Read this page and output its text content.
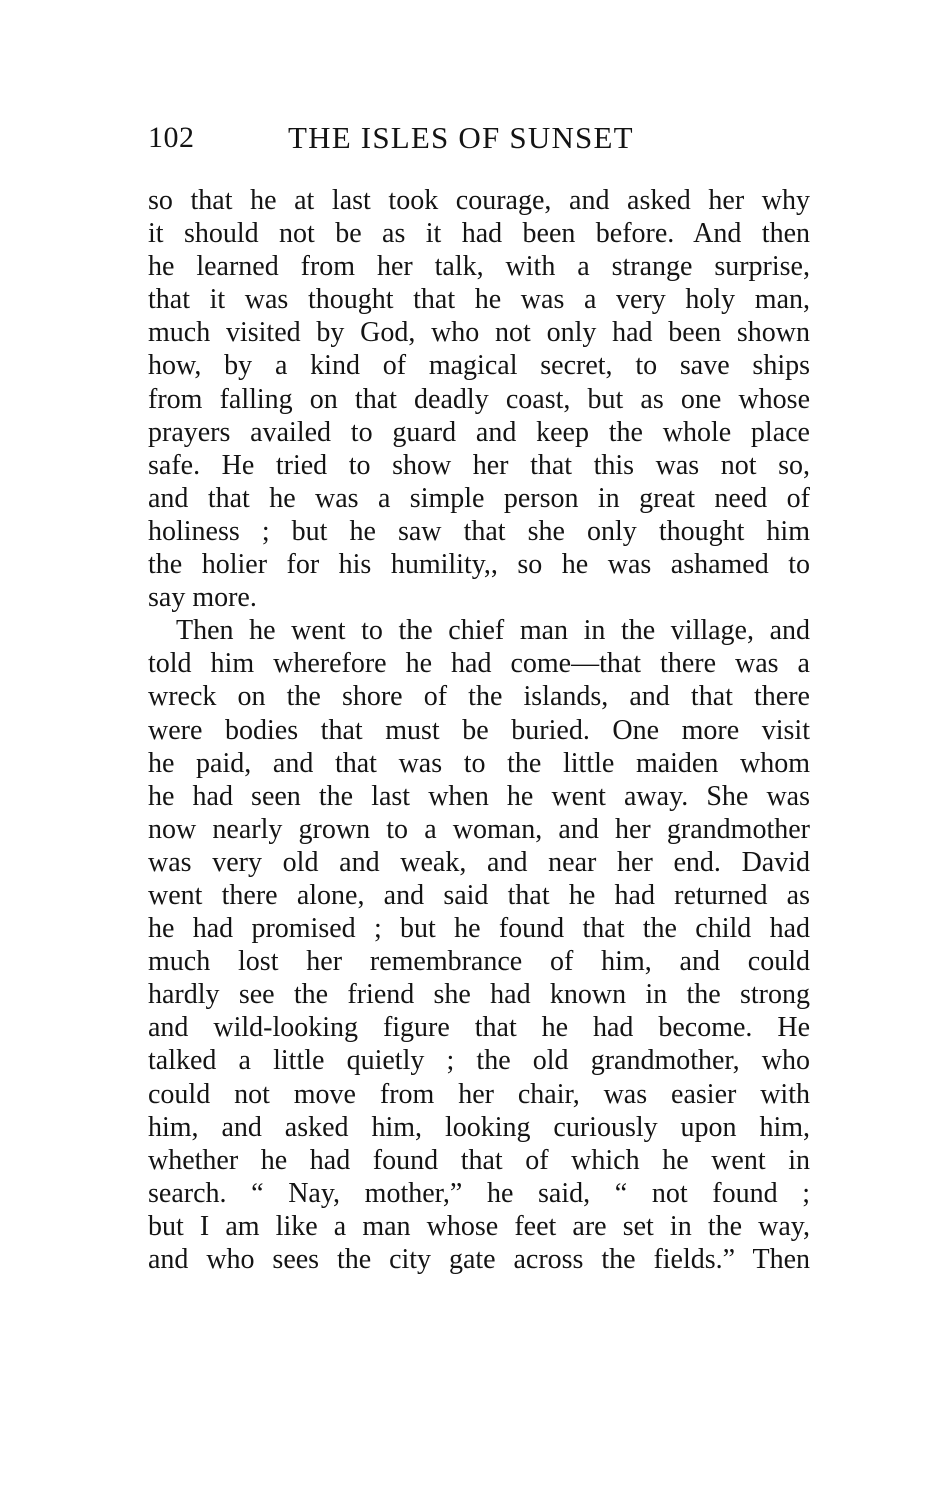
102	THE ISLES OF SUNSET
so that he at last took courage, and asked her why
it should not be as it had been before. And then
he learned from her talk, with a strange surprise,
that it was thought that he was a very holy man,
much visited by God, who not only had been shown
how, by a kind of magical secret, to save ships
from falling on that deadly coast, but as one whose
prayers availed to guard and keep the whole place
safe. He tried to show her that this was not so,
and that he was a simple person in great need of
holiness ; but he saw that she only thought him
the holier for his humility,, so he was ashamed to
say more.
Then he went to the chief man in the village, and
told him wherefore he had come—that there was a
wreck on the shore of the islands, and that there
were bodies that must be buried. One more visit
he paid, and that was to the little maiden whom
he had seen the last when he went away. She was
now nearly grown to a woman, and her grandmother
was very old and weak, and near her end. David
went there alone, and said that he had returned as
he had promised ; but he found that the child had
much lost her remembrance of him, and could
hardly see the friend she had known in the strong
and wild-looking figure that he had become. He
talked a little quietly ; the old grandmother, who
could not move from her chair, was easier with
him, and asked him, looking curiously upon him,
whether he had found that of which he went in
search. “ Nay, mother,” he said, “ not found ;
but I am like a man whose feet are set in the way,
and who sees the city gate across the fields.” Then
